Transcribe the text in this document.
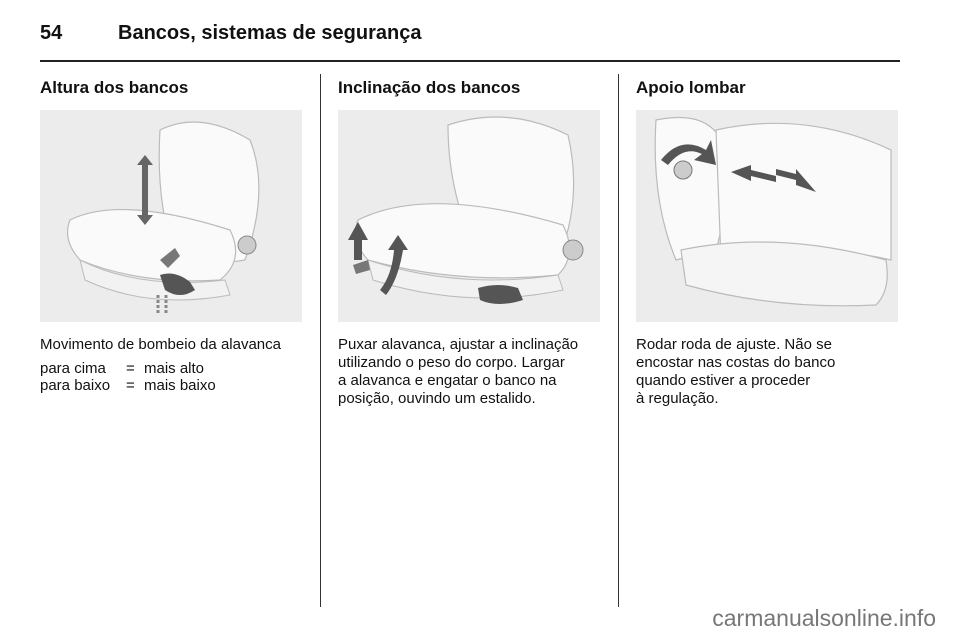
54	Bancos, sistemas de segurança
Altura dos bancos
Movimento de bombeio da alavanca
para cima	= mais alto
para baixo	= mais baixo
Inclinação dos bancos
Puxar alavanca, ajustar a inclinação
utilizando o peso do corpo. Largar
a alavanca e engatar o banco na
posição, ouvindo um estalido.
Apoio lombar
Rodar roda de ajuste. Não se
encostar nas costas do banco
quando estiver a proceder
à regulação.
carmanualsonline.info
